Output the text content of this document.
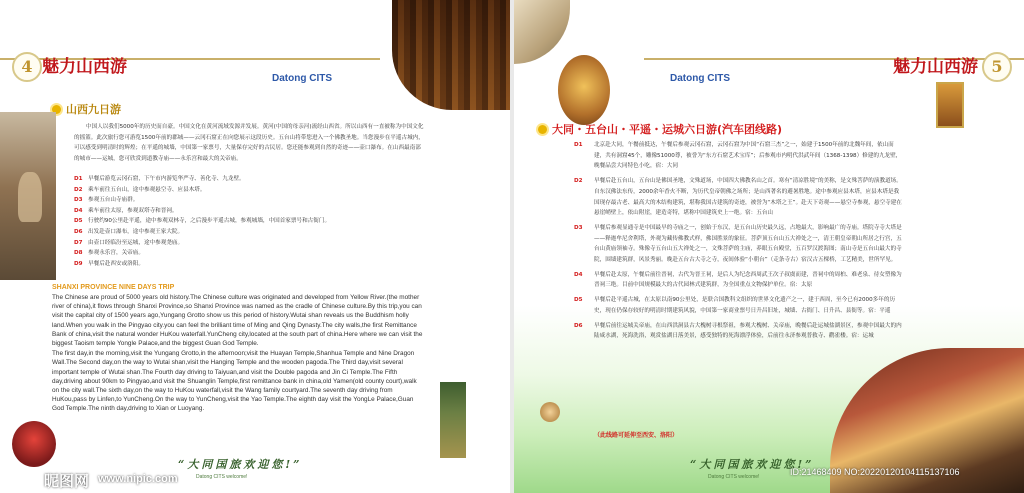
4 魅力山西游
Datong CITS
山西九日游
中国人以我们5000年的历史而自豪。中国文化在黄河流域发源并发展。黄河(中国的母亲河)流经山西省。所以山西有一直被称为中国文化的摇篮。此次旅行您可游览1500年前的郡城——云冈石窟正在向您展示这段历史。五台山将带您进入一个佛教圣地。当您漫步在平遥古城内，可以感受到明清时的辉煌；在平遥的城墙，中国第一家票号，大量保存完好的古民居。您还能参观到自然的奇迹——壶口瀑布。在山西最南部的城市——运城，您可欣赏到道教寺庙——永乐宫和最大的关帝庙。
D1 早餐后游览云冈石窟，下午市内游览华严寺、善化寺、九龙壁。
D2 乘车前往五台山，途中参观悬空寺、应县木塔。
D3 参观五台山寺庙群。
D4 乘车前往太原，参观双塔寺和晋祠。
D5 行驶约90公里赴平遥，途中参观双林寺，之后漫步平遥古城，参观城墙，中国首家票号和古衙门。
D6 出发赴壶口瀑布，途中参观王家大院。
D7 由壶口经临汾至运城，途中参观尧庙。
D8 参观永乐宫，关帝庙。
D9 早餐后赴西安或洛阳。
SHANXI PROVINCE NINE DAYS TRIP

The Chinese are proud of 5000 years old history.The Chinese culture was originated and developed from Yellow River.(the mother river of china),it flows through Shanxi Province,so Shanxi Province was named as the cradle of Chinese culture.By this trip,you can visit the capital city of 1500 years ago,Yungang Grotto show us this period of history.Wutai shan reveals us the Buddhism holly land.When you walk in the Pingyao city.you can feel the brilliant time of Ming and Qing Dynasty.The city walls,the first Remittance Bank of china,visit the natural wonder HuKou waterfall.YunCheng city,located at the south part of china.Here where we can visit the biggest Taoism temple Yongle Palace,and the biggest Guan God Temple.

The first day,in the morning,visit the Yungang Grotto,in the afternoon;visit the Huayan Temple,Shanhua Temple and Nine Dragon Wall.The Second day,on the way to Wutai shan,visit the Hanging Temple and the wooden pagoda.The Third day,visit several important temple of Wutai shan.The Fourth day driving to Taiyuan,and visit the Double pagoda and Jin Ci Temple.The Fifth day,driving about 90km to Pingyao,and visit the Shuanglin Temple,first remittance bank in china,old Yamen(old county court),walk on the city wall.The sixth day,on the way to HuKou waterfall,visit the Wang family courtyard.The seventh day driving from HuKou,pass by Linfen,to YunCheng.On the way to YunCheng,visit the Yao Temple.The eighth day visit the YongLe Palace,Guan God Temple.The ninth day,driving to Xian or Luoyang.

“大同国旅欢迎您!”
Datong CITS welcome!
魅力山西游 5
Datong CITS
大同・五台山・平遥・运城六日游(汽车团线路)
D1	北京赴大同，午餐前抵达，午餐后参观云冈石窟，云冈石窟为中国“石窟三杰”之一，始建于1500年前的北魏年间，依山而建，共有洞窟45个，雕像51000尊，被誉为“东方石窟艺术宝库”；后参观市内明代洪武年间（1368-1398）修建的九龙壁，晚餐品尝大同特色小吃，宿：大同
D2	早餐后赴五台山，五台山是佛国圣地，文殊道场，中国四大佛教名山之首。寒有“清凉胜境”的美称，是文殊菩萨的演教道场。自东汉佛法东传，2000余年香火不断，为历代皇帝朝佛之场所；是山西著名的避暑胜地。途中参观应县木塔，应县木塔是我国现存最古老、最高大的木结构建筑，堪称我国古建筑的奇迹，被誉为“木塔之王”。赴天下奇观——悬空寺参观，悬空寺建在悬崖峭壁上，依山附崖，建造奇特，堪称中国建筑史上一绝。宿：五台山
D3	早餐后参观显通寺是中国最早的寺庙之一，创始于东汉，是五台山历史最久远，占地最大，影响最广的寺庙。塔院寺寺大塔是——释迦牟尼舍利塔，外观为藏传佛教式样，佛国胜景的象征。菩萨顶五台山五大禅处之一，清王朝皇帝朝山所居之行宫，五台山黄庙领袖寺。殊像寺五台山五大禅处之一，文殊菩萨的主庙，养眼五台殿堂，五百罗汉渡海图；南山寺是五台山最大的寺院，围墙建筑群，风景秀丽。晚赴五台古大寺之寺，夜间体验“小朝台”（走条寺古）宿汉古五棵桥，工艺精美，世所罕见。
D4	早餐后赴太原，午餐后前往晋祠，古代为晋王祠，是后人为纪念西周武王次子叔虞而建，晋祠中的周柏、难老泉、待女塑像为晋祠三绝。目前中国规模最大的古代园林式建筑群，为全国重点文物保护单位。宿：太原
D5	早餐后赴平遥古城，在太原以南90公里处，是联合国教科文组织的世界文化遗产之一，建于西周，至今已有2000多年的历史，现在仍保存较好的明清时期建筑风貌，中国第一家商业票号日升昌旧址，城墙、古衙门、日升昌、县衙等。宿：平遥
D6	早餐后前往运城关帝庙，在山西洪洞县古大槐树寻根祭祖，参观大槐树、关帝庙，晚餐后赴运城盐湖景区，参观中国最大的内陆咸水湖，死海洗浴，观赏盐湖日落美景，感受独特的死海漂浮体验，后前往永济参观普救寺、鹳雀楼。宿：运城
（此线路可延伸至西安、洛阳）
“大同国旅欢迎您!”
Datong CITS welcome!
昵图网 www.nipic.com
ID:21468409 NO:20220120104115137106
